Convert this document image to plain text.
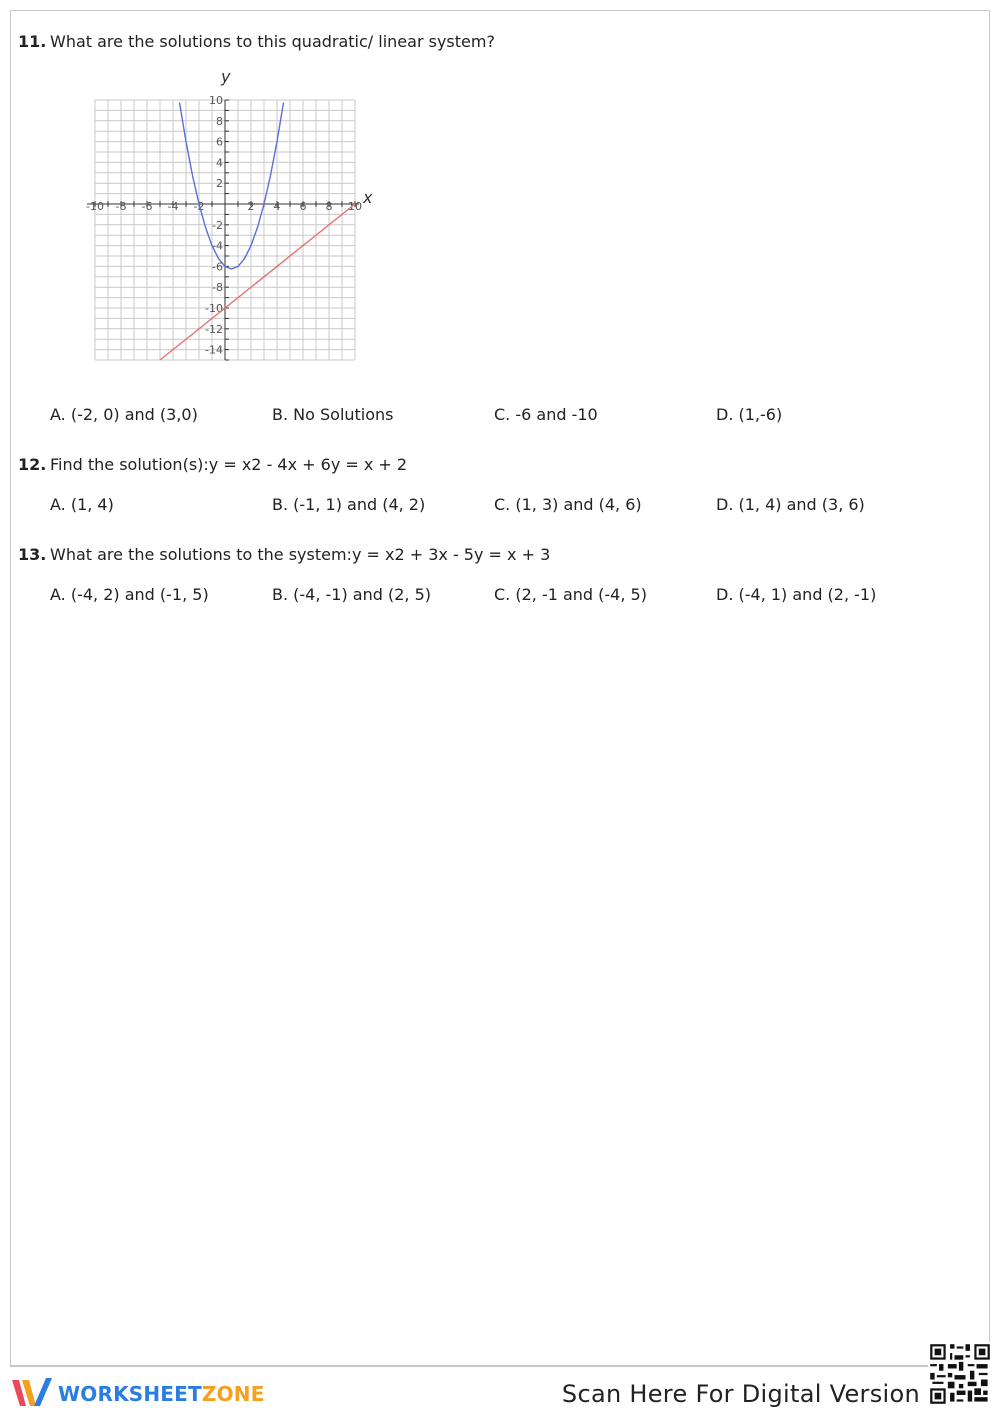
11. What are the solutions to this quadratic/ linear system?
-10 -8 -6 -4 -2	2 4 6 8 10
10
8
6
4
2
-2
-4
-6
-8
-10
-12
-14
x
y
A. (-2, 0) and (3,0)	B. No Solutions	C. -6 and -10	D. (1,-6)
12. Find the solution(s):y = x2 - 4x + 6y = x + 2
A. (1, 4)	B. (-1, 1) and (4, 2)	C. (1, 3) and (4, 6)	D. (1, 4) and (3, 6)
13. What are the solutions to the system:y = x2 + 3x - 5y = x + 3
A. (-4, 2) and (-1, 5)	B. (-4, -1) and (2, 5)	C. (2, -1 and (-4, 5)	D. (-4, 1) and (2, -1)
WORKSHEETZONE	Scan Here For Digital Version
